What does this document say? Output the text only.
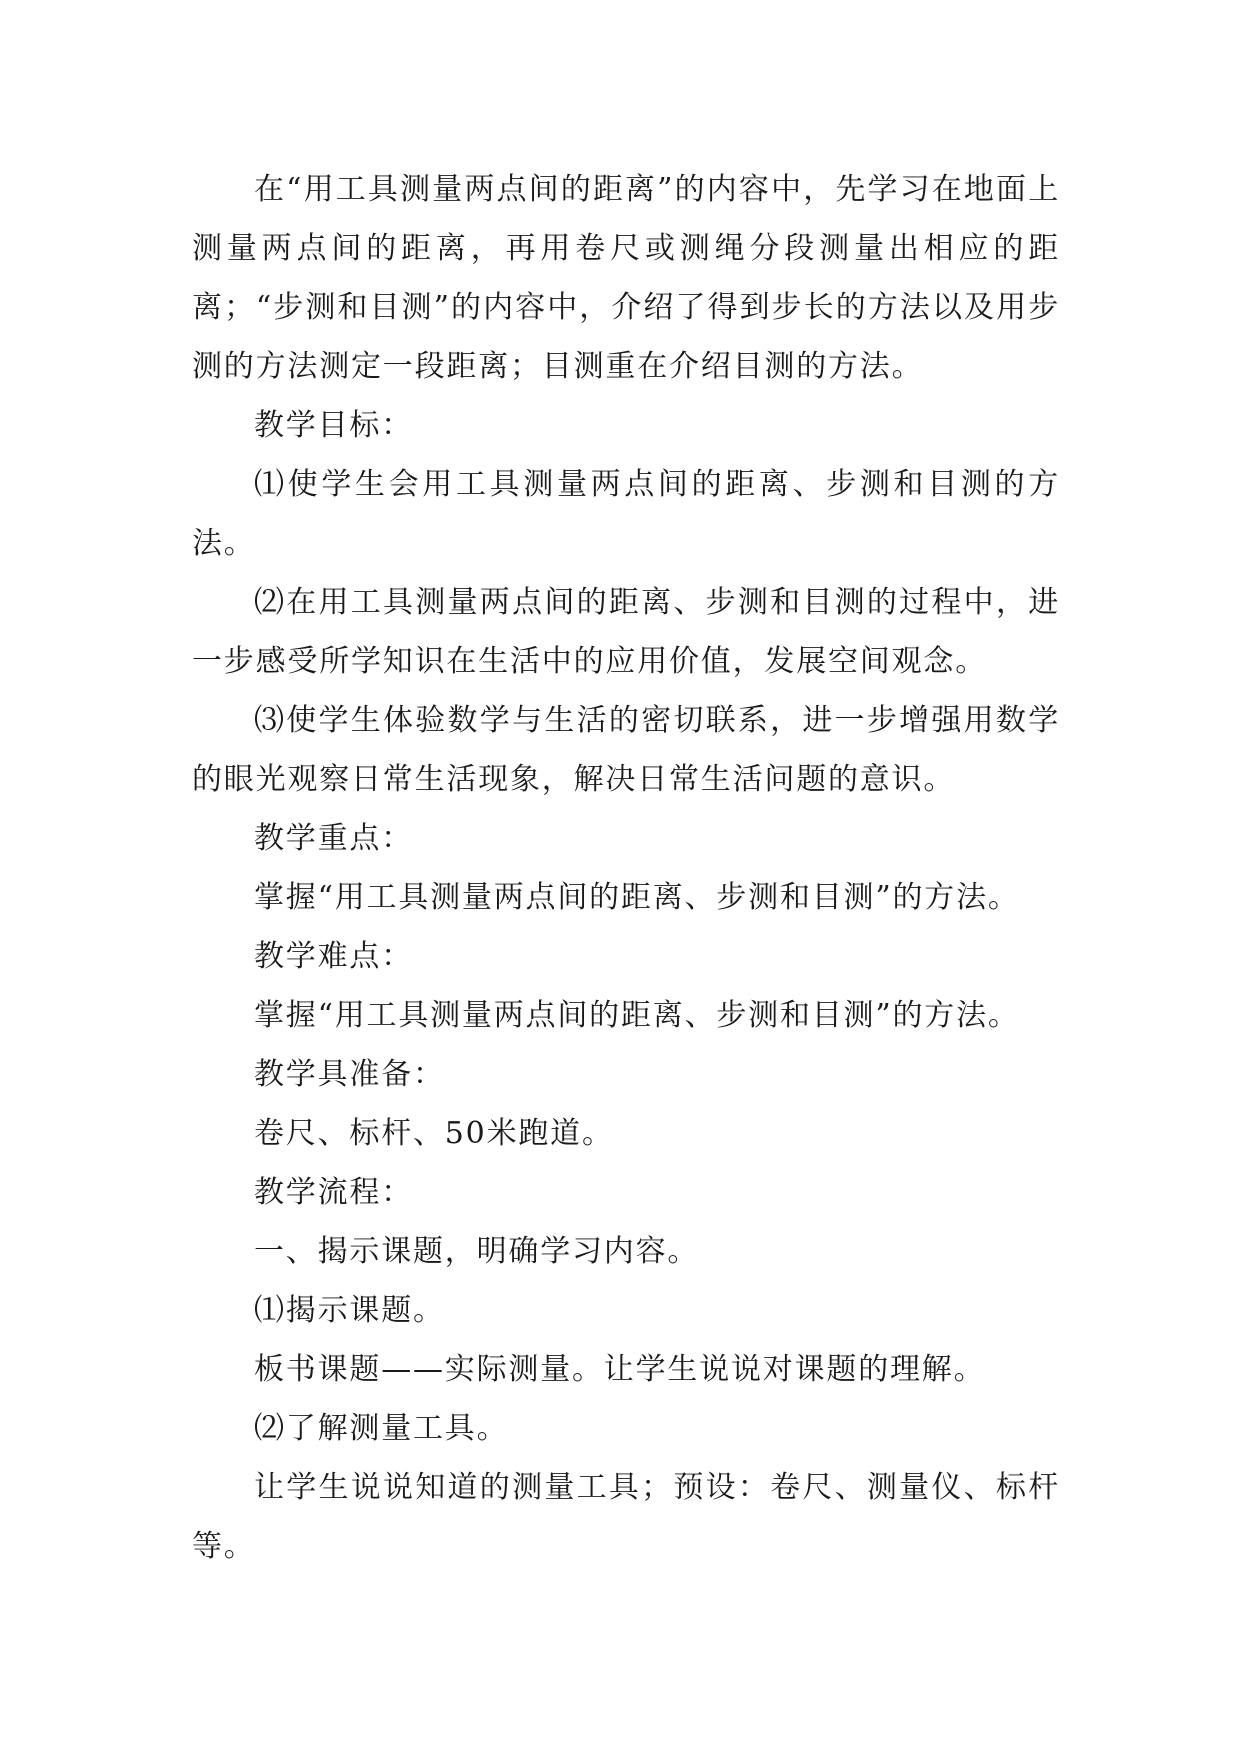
在“用工具测量两点间的距离”的内容中，先学习在地面上测量两点间的距离，再用卷尺或测绳分段测量出相应的距离；“步测和目测”的内容中，介绍了得到步长的方法以及用步测的方法测定一段距离；目测重在介绍目测的方法。

教学目标：

⑴使学生会用工具测量两点间的距离、步测和目测的方法。

⑵在用工具测量两点间的距离、步测和目测的过程中，进一步感受所学知识在生活中的应用价值，发展空间观念。

⑶使学生体验数学与生活的密切联系，进一步增强用数学的眼光观察日常生活现象，解决日常生活问题的意识。

教学重点：

掌握“用工具测量两点间的距离、步测和目测”的方法。

教学难点：

掌握“用工具测量两点间的距离、步测和目测”的方法。

教学具准备：

卷尺、标杆、50米跑道。

教学流程：

一、揭示课题，明确学习内容。

⑴揭示课题。

板书课题——实际测量。让学生说说对课题的理解。

⑵了解测量工具。

让学生说说知道的测量工具；预设：卷尺、测量仪、标杆等。
